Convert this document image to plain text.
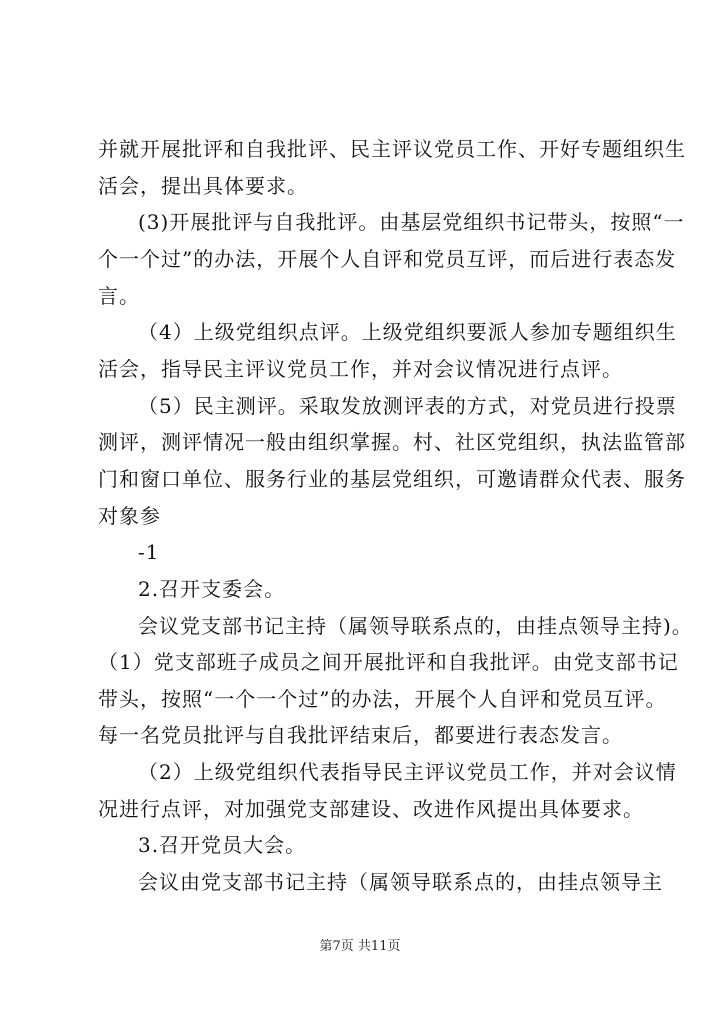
并就开展批评和自我批评、民主评议党员工作、开好专题组织生
活会，提出具体要求。
(3)开展批评与自我批评。由基层党组织书记带头，按照“一
个一个过”的办法，开展个人自评和党员互评，而后进行表态发
言。
（4）上级党组织点评。上级党组织要派人参加专题组织生
活会，指导民主评议党员工作，并对会议情况进行点评。
（5）民主测评。采取发放测评表的方式，对党员进行投票
测评，测评情况一般由组织掌握。村、社区党组织，执法监管部
门和窗口单位、服务行业的基层党组织，可邀请群众代表、服务
对象参
-1
2.召开支委会。
会议党支部书记主持（属领导联系点的，由挂点领导主持)。
（1）党支部班子成员之间开展批评和自我批评。由党支部书记
带头，按照“一个一个过”的办法，开展个人自评和党员互评。
每一名党员批评与自我批评结束后，都要进行表态发言。
（2）上级党组织代表指导民主评议党员工作，并对会议情
况进行点评，对加强党支部建设、改进作风提出具体要求。
3.召开党员大会。
会议由党支部书记主持（属领导联系点的，由挂点领导主
第7页 共11页
